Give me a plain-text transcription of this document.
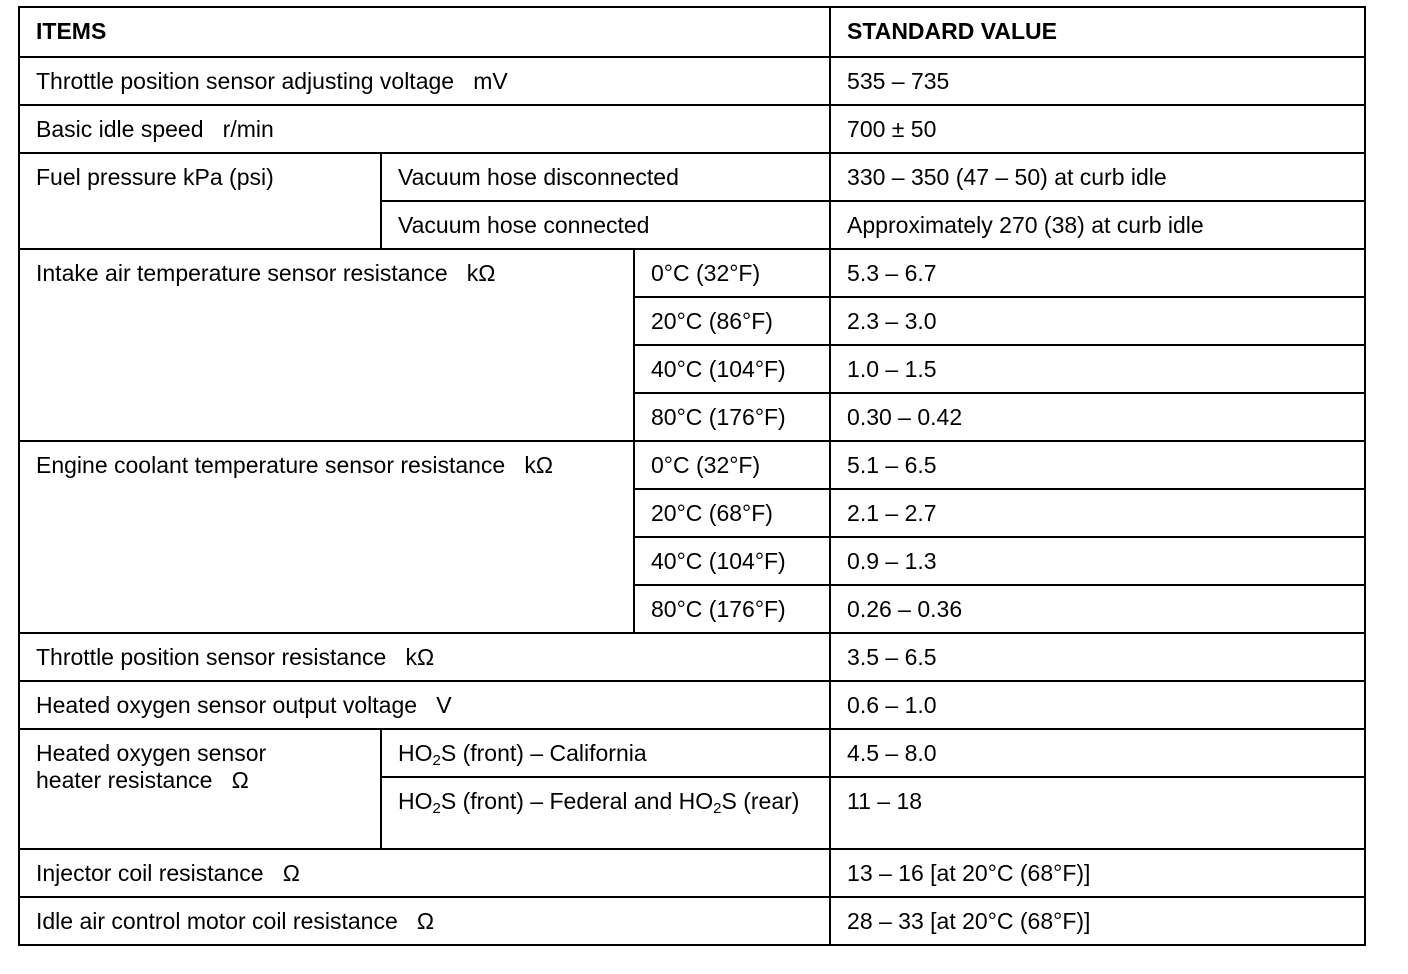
ITEMS			STANDARD VALUE
Throttle position sensor adjusting voltage   mV			535 – 735
Basic idle speed   r/min			700 ± 50
Fuel pressure kPa (psi)	Vacuum hose disconnected		330 – 350 (47 – 50) at curb idle
	Vacuum hose connected		Approximately 270 (38) at curb idle
Intake air temperature sensor resistance   kΩ		0°C (32°F)	5.3 – 6.7
		20°C (86°F)	2.3 – 3.0
		40°C (104°F)	1.0 – 1.5
		80°C (176°F)	0.30 – 0.42
Engine coolant temperature sensor resistance   kΩ		0°C (32°F)	5.1 – 6.5
		20°C (68°F)	2.1 – 2.7
		40°C (104°F)	0.9 – 1.3
		80°C (176°F)	0.26 – 0.36
Throttle position sensor resistance   kΩ			3.5 – 6.5
Heated oxygen sensor output voltage   V			0.6 – 1.0

Heated oxygen sensor
heater resistance   Ω	$HO_2S$ (front) – California		4.5 – 8.0
	$HO_2S$ (front) – Federal and $HO_2S$ (rear)		11 – 18
Injector coil resistance   Ω			13 – 16 [at 20°C (68°F)]
Idle air control motor coil resistance   Ω			28 – 33 [at 20°C (68°F)]
